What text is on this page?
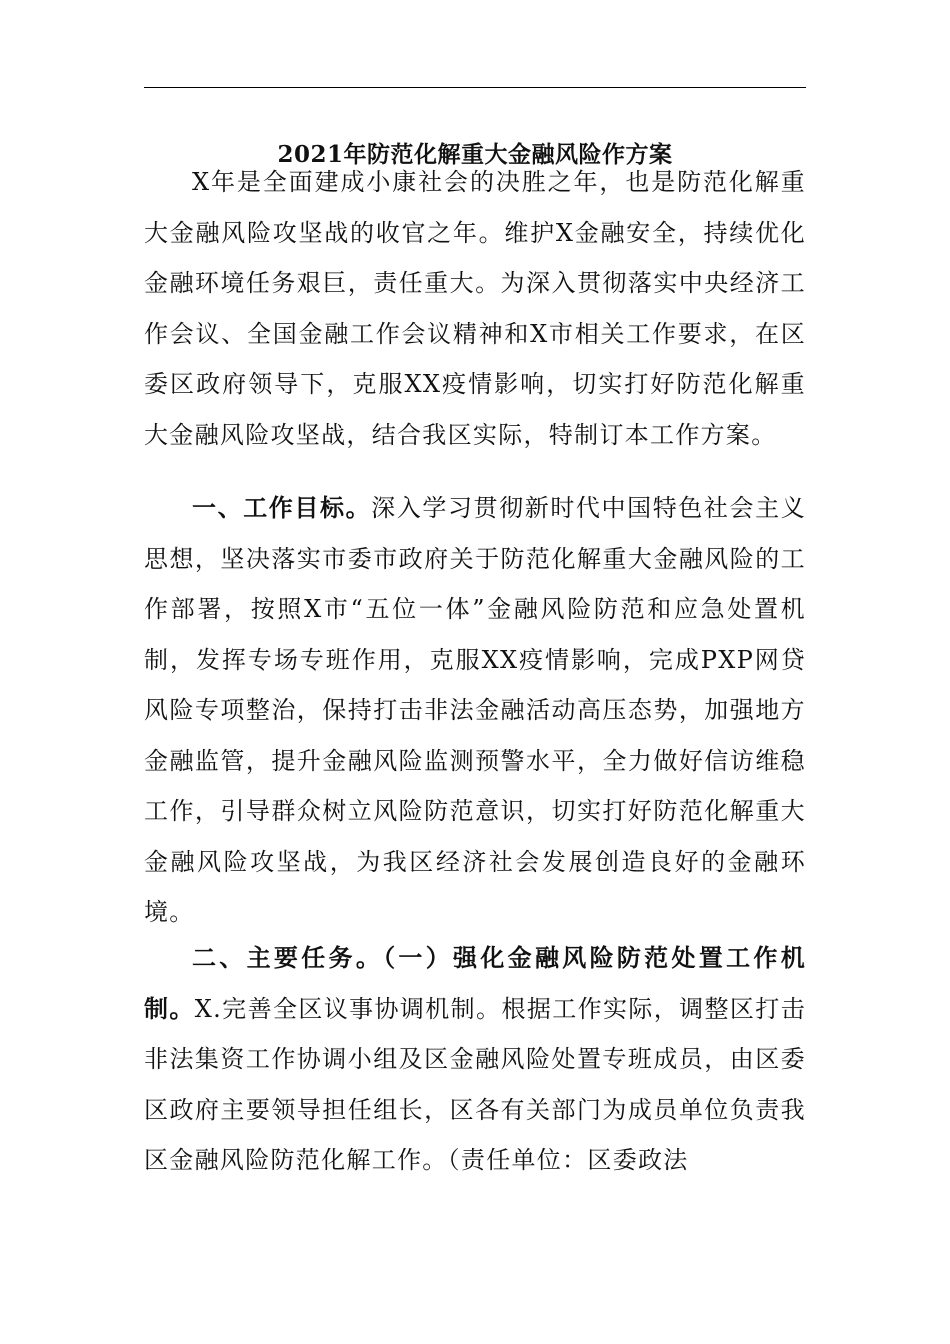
2021年防范化解重大金融风险作方案

X年是全面建成小康社会的决胜之年，也是防范化解重大金融风险攻坚战的收官之年。维护X金融安全，持续优化金融环境任务艰巨，责任重大。为深入贯彻落实中央经济工作会议、全国金融工作会议精神和X市相关工作要求，在区委区政府领导下，克服XX疫情影响，切实打好防范化解重大金融风险攻坚战，结合我区实际，特制订本工作方案。

一、工作目标。深入学习贯彻新时代中国特色社会主义思想，坚决落实市委市政府关于防范化解重大金融风险的工作部署，按照X市“五位一体”金融风险防范和应急处置机制，发挥专场专班作用，克服XX疫情影响，完成PXP网贷风险专项整治，保持打击非法金融活动高压态势，加强地方金融监管，提升金融风险监测预警水平，全力做好信访维稳工作，引导群众树立风险防范意识，切实打好防范化解重大金融风险攻坚战，为我区经济社会发展创造良好的金融环境。

二、主要任务。（一）强化金融风险防范处置工作机制。X.完善全区议事协调机制。根据工作实际，调整区打击非法集资工作协调小组及区金融风险处置专班成员，由区委区政府主要领导担任组长，区各有关部门为成员单位负责我区金融风险防范化解工作。（责任单位：区委政法
